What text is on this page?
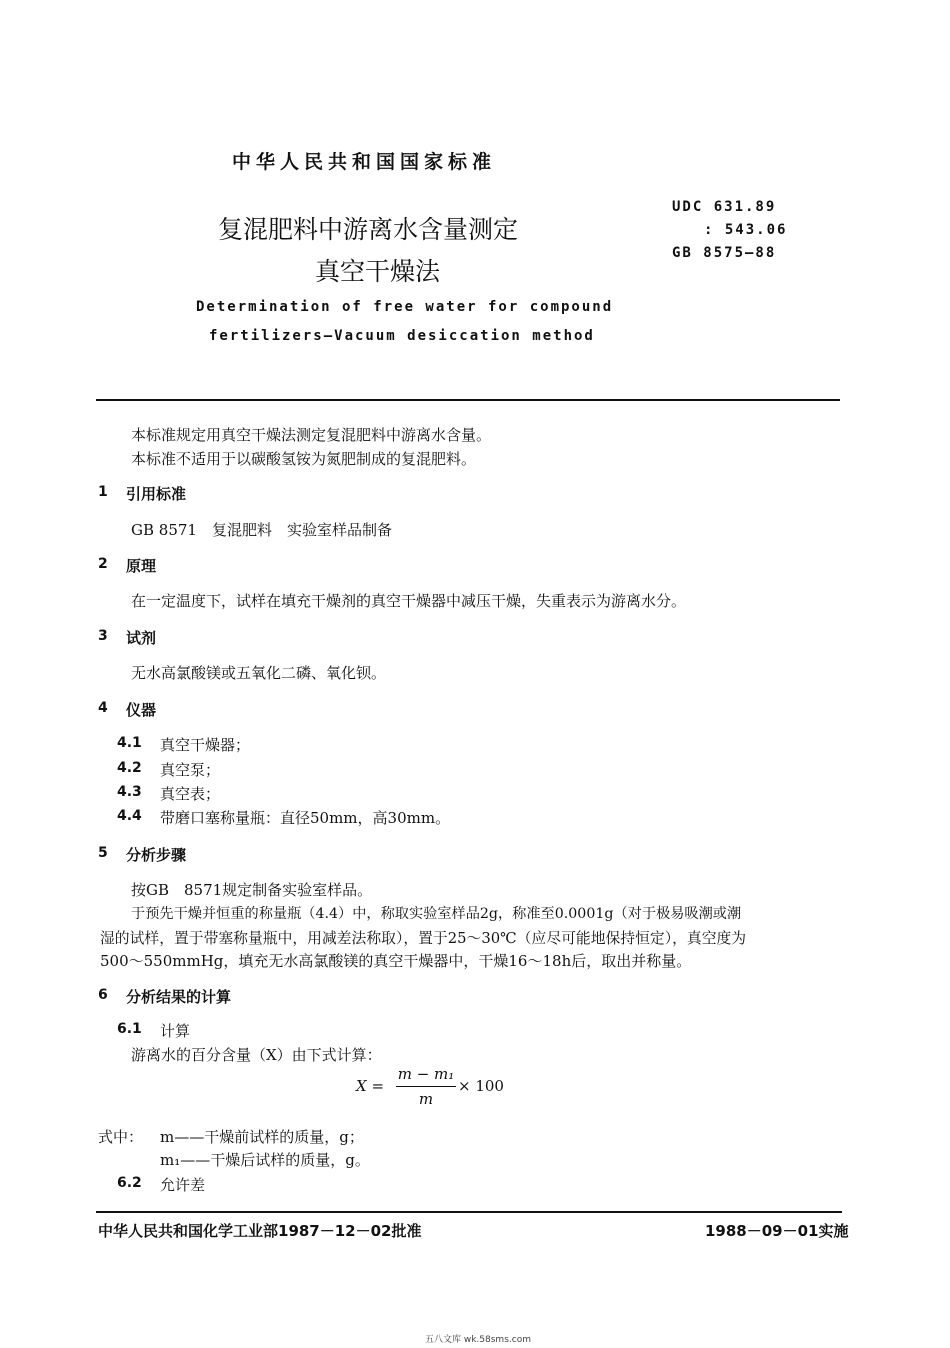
中华人民共和国国家标准
复混肥料中游离水含量测定
真空干燥法
Determination of free water for compound
fertilizers—Vacuum desiccation method
UDC 631.89
: 543.06
GB 8575—88
本标准规定用真空干燥法测定复混肥料中游离水含量。
本标准不适用于以碳酸氢铵为氮肥制成的复混肥料。
1 引用标准
GB 8571　复混肥料　实验室样品制备
2 原理
在一定温度下，试样在填充干燥剂的真空干燥器中减压干燥，失重表示为游离水分。
3 试剂
无水高氯酸镁或五氧化二磷、氧化钡。
4 仪器
4.1 真空干燥器；
4.2 真空泵；
4.3 真空表；
4.4 带磨口塞称量瓶：直径50mm，高30mm。
5 分析步骤
按GB　8571规定制备实验室样品。
于预先干燥并恒重的称量瓶（4.4）中，称取实验室样品2g，称准至0.0001g（对于极易吸潮或潮
湿的试样，置于带塞称量瓶中，用减差法称取），置于25～30℃（应尽可能地保持恒定），真空度为
500～550mmHg，填充无水高氯酸镁的真空干燥器中，干燥16～18h后，取出并称量。
6 分析结果的计算
6.1 计算
游离水的百分含量（X）由下式计算：
X =
m − m₁
m
× 100
式中： m——干燥前试样的质量，g；
m₁——干燥后试样的质量，g。
6.2 允许差
中华人民共和国化学工业部1987－12－02批准	1988－09－01实施
五八文库 wk.58sms.com
